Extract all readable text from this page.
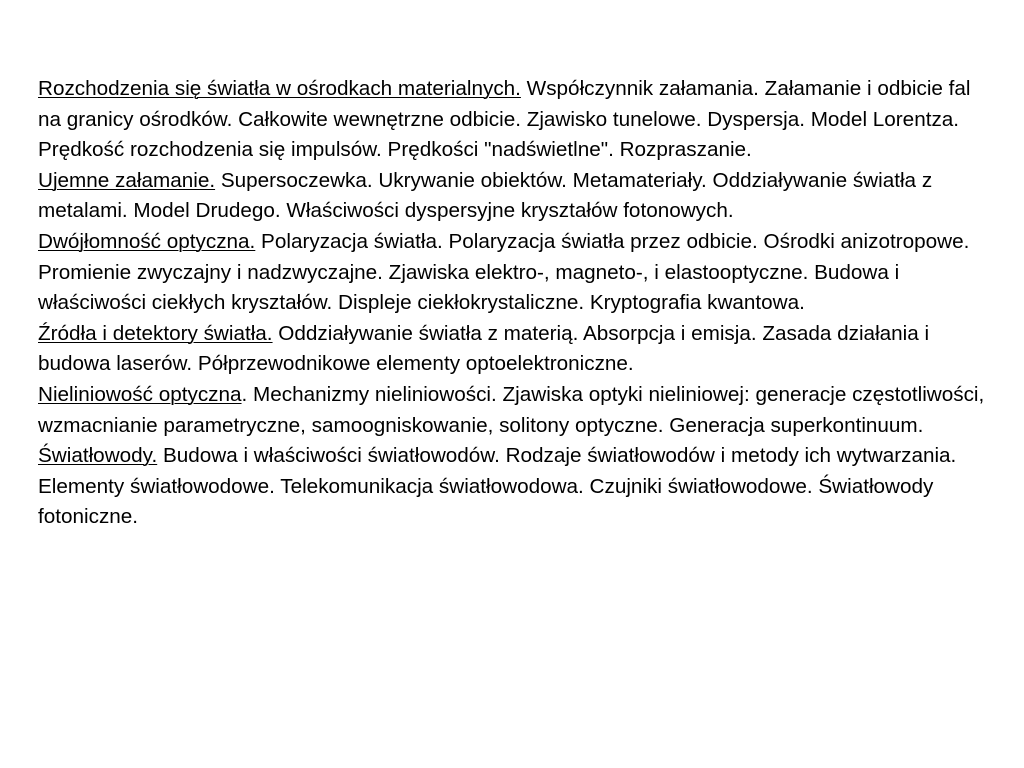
Rozchodzenia się światła w ośrodkach materialnych. Współczynnik załamania. Załamanie i odbicie fal na granicy ośrodków. Całkowite wewnętrzne odbicie. Zjawisko tunelowe. Dyspersja. Model Lorentza. Prędkość rozchodzenia się impulsów. Prędkości "nadświetlne". Rozpraszanie.

Ujemne załamanie. Supersoczewka. Ukrywanie obiektów. Metamateriały. Oddziaływanie światła z metalami. Model Drudego. Właściwości dyspersyjne kryształów fotonowych.

Dwójłomność optyczna. Polaryzacja światła. Polaryzacja światła przez odbicie. Ośrodki anizotropowe. Promienie zwyczajny i nadzwyczajne. Zjawiska elektro-, magneto-, i elastooptyczne. Budowa i właściwości ciekłych kryształów. Displeje ciekłokrystaliczne. Kryptografia kwantowa.

Źródła i detektory światła. Oddziaływanie światła z materią. Absorpcja i emisja. Zasada działania i budowa laserów. Półprzewodnikowe elementy optoelektroniczne.

Nieliniowość optyczna. Mechanizmy nieliniowości. Zjawiska optyki nieliniowej: generacje częstotliwości, wzmacnianie parametryczne, samoogniskowanie, solitony optyczne. Generacja superkontinuum.

Światłowody. Budowa i właściwości światłowodów. Rodzaje światłowodów i metody ich wytwarzania. Elementy światłowodowe. Telekomunikacja światłowodowa. Czujniki światłowodowe. Światłowody fotoniczne.
